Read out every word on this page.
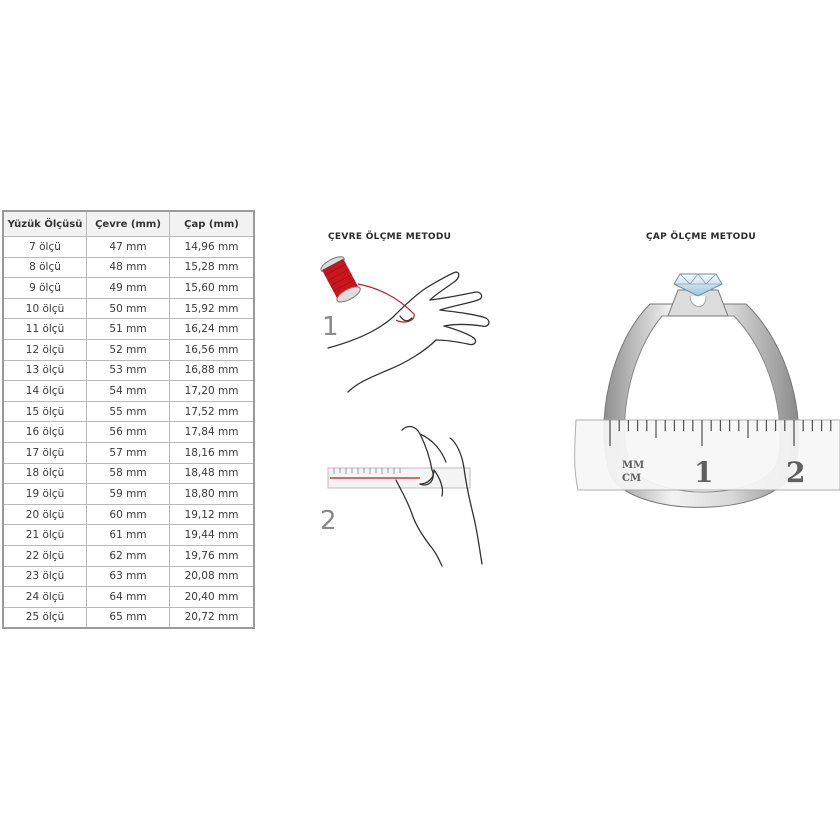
Yüzük Ölçüsü	Çevre (mm)	Çap (mm)
7 ölçü	47 mm	14,96 mm
8 ölçü	48 mm	15,28 mm
9 ölçü	49 mm	15,60 mm
10 ölçü	50 mm	15,92 mm
11 ölçü	51 mm	16,24 mm
12 ölçü	52 mm	16,56 mm
13 ölçü	53 mm	16,88 mm
14 ölçü	54 mm	17,20 mm
15 ölçü	55 mm	17,52 mm
16 ölçü	56 mm	17,84 mm
17 ölçü	57 mm	18,16 mm
18 ölçü	58 mm	18,48 mm
19 ölçü	59 mm	18,80 mm
20 ölçü	60 mm	19,12 mm
21 ölçü	61 mm	19,44 mm
22 ölçü	62 mm	19,76 mm
23 ölçü	63 mm	20,08 mm
24 ölçü	64 mm	20,40 mm
25 ölçü	65 mm	20,72 mm
ÇEVRE ÖLÇME METODU
1
2
ÇAP ÖLÇME METODU
MM
CM 1	2
